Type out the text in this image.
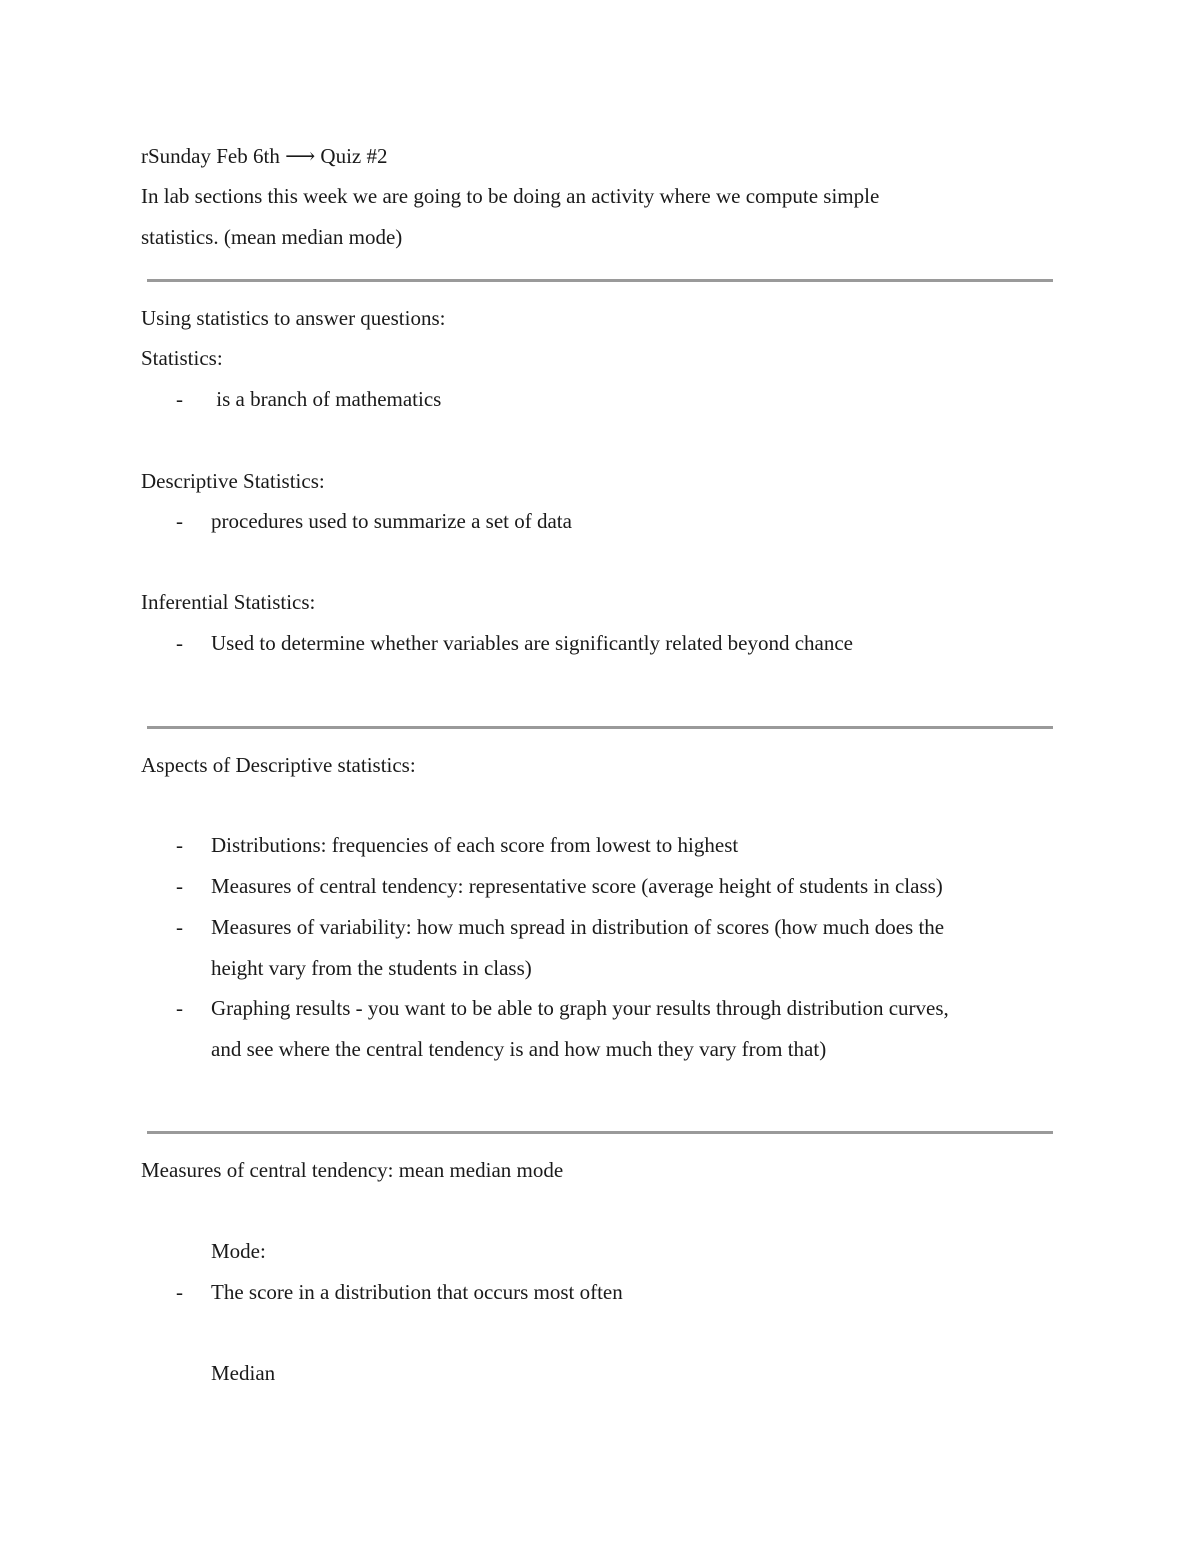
rSunday Feb 6th ⟶ Quiz #2
In lab sections this week we are going to be doing an activity where we compute simple
statistics. (mean median mode)
Using statistics to answer questions:
Statistics:
- is a branch of mathematics
Descriptive Statistics:
- procedures used to summarize a set of data
Inferential Statistics:
- Used to determine whether variables are significantly related beyond chance
Aspects of Descriptive statistics:
- Distributions: frequencies of each score from lowest to highest
- Measures of central tendency: representative score (average height of students in class)
- Measures of variability: how much spread in distribution of scores (how much does the
height vary from the students in class)
- Graphing results - you want to be able to graph your results through distribution curves,
and see where the central tendency is and how much they vary from that)
Measures of central tendency: mean median mode
Mode:
- The score in a distribution that occurs most often
Median
